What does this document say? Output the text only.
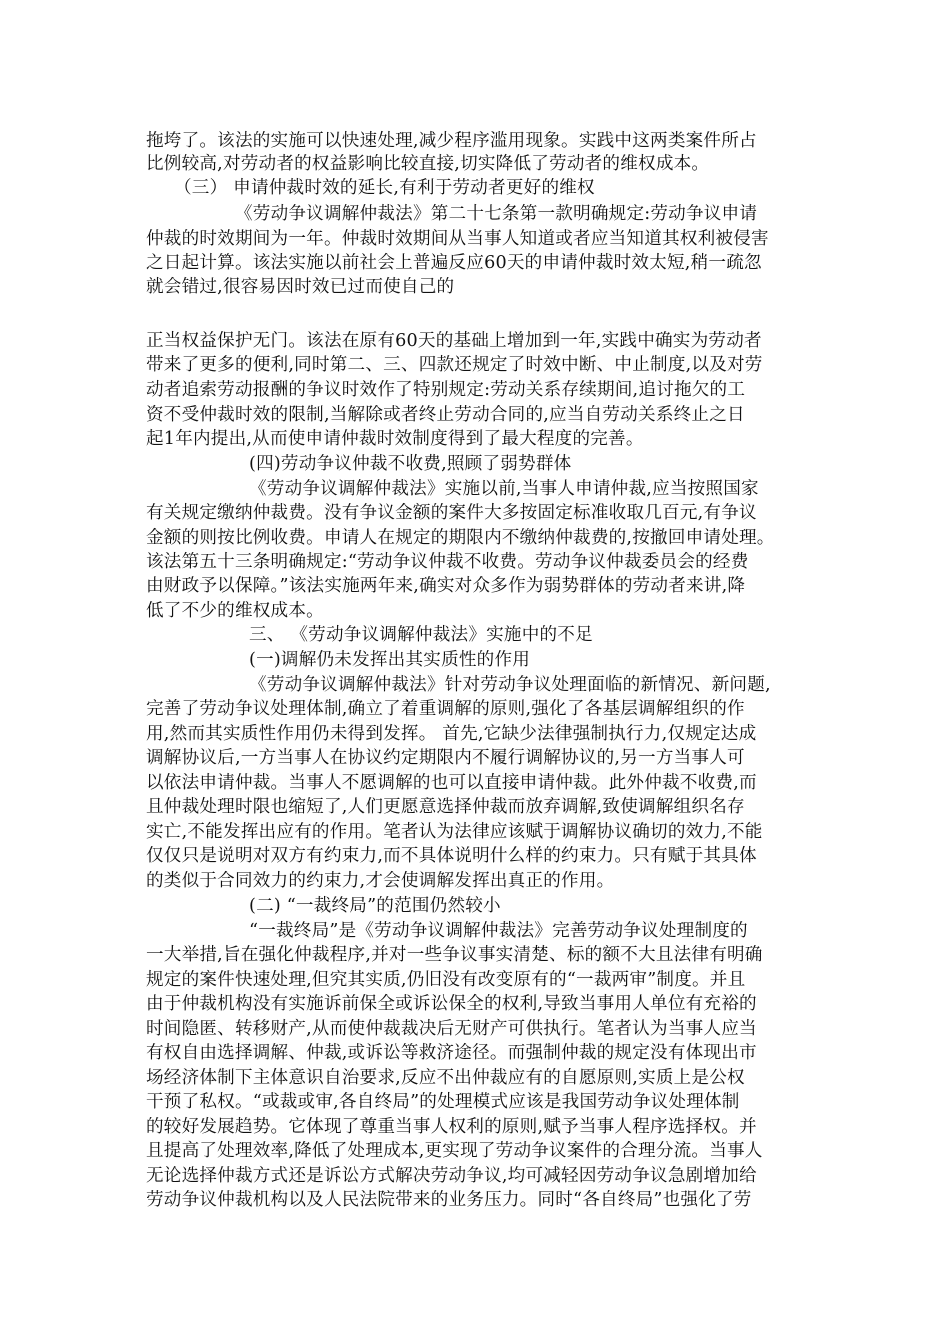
拖垮了。该法的实施可以快速处理,减少程序滥用现象。实践中这两类案件所占
比例较高,对劳动者的权益影响比较直接,切实降低了劳动者的维权成本。
（三） 申请仲裁时效的延长,有利于劳动者更好的维权
《劳动争议调解仲裁法》第二十七条第一款明确规定:劳动争议申请
仲裁的时效期间为一年。仲裁时效期间从当事人知道或者应当知道其权利被侵害
之日起计算。该法实施以前社会上普遍反应60天的申请仲裁时效太短,稍一疏忽
就会错过,很容易因时效已过而使自己的
正当权益保护无门。该法在原有60天的基础上增加到一年,实践中确实为劳动者
带来了更多的便利,同时第二、三、四款还规定了时效中断、中止制度,以及对劳
动者追索劳动报酬的争议时效作了特别规定:劳动关系存续期间,追讨拖欠的工
资不受仲裁时效的限制,当解除或者终止劳动合同的,应当自劳动关系终止之日
起1年内提出,从而使申请仲裁时效制度得到了最大程度的完善。
(四)劳动争议仲裁不收费,照顾了弱势群体
《劳动争议调解仲裁法》实施以前,当事人申请仲裁,应当按照国家
有关规定缴纳仲裁费。没有争议金额的案件大多按固定标准收取几百元,有争议
金额的则按比例收费。申请人在规定的期限内不缴纳仲裁费的,按撤回申请处理。
该法第五十三条明确规定:“劳动争议仲裁不收费。劳动争议仲裁委员会的经费
由财政予以保障。”该法实施两年来,确实对众多作为弱势群体的劳动者来讲,降
低了不少的维权成本。
三、 《劳动争议调解仲裁法》实施中的不足
(一)调解仍未发挥出其实质性的作用
《劳动争议调解仲裁法》针对劳动争议处理面临的新情况、新问题,
完善了劳动争议处理体制,确立了着重调解的原则,强化了各基层调解组织的作
用,然而其实质性作用仍未得到发挥。 首先,它缺少法律强制执行力,仅规定达成
调解协议后,一方当事人在协议约定期限内不履行调解协议的,另一方当事人可
以依法申请仲裁。当事人不愿调解的也可以直接申请仲裁。此外仲裁不收费,而
且仲裁处理时限也缩短了,人们更愿意选择仲裁而放弃调解,致使调解组织名存
实亡,不能发挥出应有的作用。笔者认为法律应该赋于调解协议确切的效力,不能
仅仅只是说明对双方有约束力,而不具体说明什么样的约束力。只有赋于其具体
的类似于合同效力的约束力,才会使调解发挥出真正的作用。
(二) “一裁终局”的范围仍然较小
“一裁终局”是《劳动争议调解仲裁法》完善劳动争议处理制度的
一大举措,旨在强化仲裁程序,并对一些争议事实清楚、标的额不大且法律有明确
规定的案件快速处理,但究其实质,仍旧没有改变原有的“一裁两审”制度。并且
由于仲裁机构没有实施诉前保全或诉讼保全的权利,导致当事用人单位有充裕的
时间隐匿、转移财产,从而使仲裁裁决后无财产可供执行。笔者认为当事人应当
有权自由选择调解、仲裁,或诉讼等救济途径。而强制仲裁的规定没有体现出市
场经济体制下主体意识自治要求,反应不出仲裁应有的自愿原则,实质上是公权
干预了私权。“或裁或审,各自终局”的处理模式应该是我国劳动争议处理体制
的较好发展趋势。它体现了尊重当事人权利的原则,赋予当事人程序选择权。并
且提高了处理效率,降低了处理成本,更实现了劳动争议案件的合理分流。当事人
无论选择仲裁方式还是诉讼方式解决劳动争议,均可减轻因劳动争议急剧增加给
劳动争议仲裁机构以及人民法院带来的业务压力。同时“各自终局”也强化了劳
